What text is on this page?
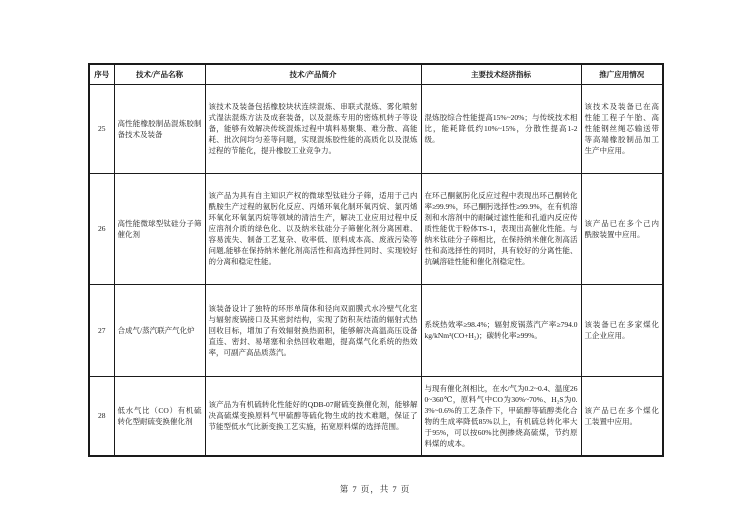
序号	技术/产品名称	技术/产品简介	主要技术经济指标	推广应用情况
25	高性能橡胶制品混炼胶制备技术及装备	该技术及装备包括橡胶块状连续混炼、串联式混炼、雾化喷射式湿法混炼方法及成套装备，以及混炼专用的密炼机转子等设备，能够有效解决传统混炼过程中填料易聚集、难分散、高能耗、批次间均匀差等问题，实现混炼胶性能的高质化以及混炼过程的节能化，提升橡胶工业竞争力。	混炼胶综合性能提高15%~20%；与传统技术相比，能耗降低约10%~15%，分散性提高1-2级。	该技术及装备已在高性能工程子午胎、高性能钢丝绳芯输送带等高端橡胶制品加工生产中应用。
26	高性能微球型钛硅分子筛催化剂	该产品为具有自主知识产权的微球型钛硅分子筛，适用于己内酰胺生产过程的氨肟化反应、丙烯环氧化制环氧丙烷、氯丙烯环氧化环氧氯丙烷等领域的清洁生产，解决工业应用过程中反应溶剂介质的绿色化、以及纳米钛硅分子筛催化剂分离困难、容易流失、制备工艺复杂、收率低、原料成本高、废液污染等问题,能够在保持纳米催化剂高活性和高选择性同时、实现较好的分离和稳定性能。	在环己酮氨肟化反应过程中表现出环己酮转化率≥99.9%，环己酮肟选择性≥99.9%，在有机溶剂和水溶剂中的耐碱过滤性能和孔道内反应传质性能优于粉体TS-1，表现出高催化性能。与纳米钛硅分子筛相比，在保持纳米催化剂高活性和高选择性的同时，具有较好的分离性能、抗碱溶硅性能和催化剂稳定性。	该产品已在多个己内酰胺装置中应用。
27	合成气/蒸汽联产气化炉	该装备设计了独特的环形单筒体和径向双面膜式水冷壁气化室与辐射废锅接口及其密封结构，实现了防积灰结渣的辐射式热回收目标，增加了有效辐射换热面积，能够解决高温高压设备直连、密封、易堵塞和余热回收难题，提高煤气化系统的热效率，可副产高品质蒸汽。	系统热效率≥98.4%；辐射废锅蒸汽产率≥794.0kg/kNm³(CO+H₂)；碳转化率≥99%。	该装备已在多家煤化工企业应用。
28	低水气比（CO）有机硫转化型耐硫变换催化剂	该产品为有机硫转化性能好的QDB-07耐硫变换催化剂，能够解决高硫煤变换原料气甲硫醇等硫化物生成的技术难题，保证了节能型低水气比新变换工艺实施，拓宽原料煤的选择范围。	与现有催化剂相比，在水/气为0.2~0.4、温度260~360℃，原料气中CO为30%~70%、H₂S为0.3%~0.6%的工艺条件下，甲硫醇等硫醇类化合物的生成率降低85%以上，有机硫总转化率大于95%，可以按60%比例掺烧高硫煤，节约原料煤的成本。	该产品已在多个煤化工装置中应用。
第 7 页，共 7 页
